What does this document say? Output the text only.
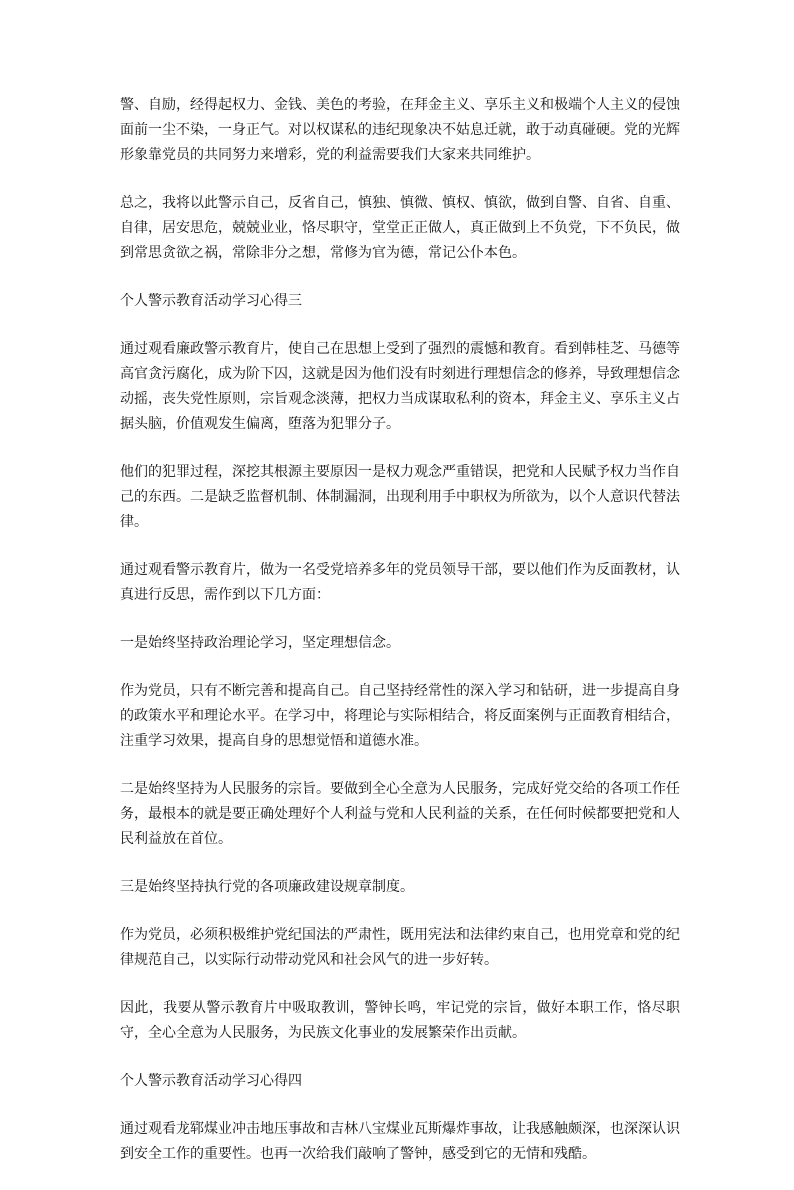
警、自励，经得起权力、金钱、美色的考验，在拜金主义、享乐主义和极端个人主义的侵蚀面前一尘不染，一身正气。对以权谋私的违纪现象决不姑息迁就，敢于动真碰硬。党的光辉形象靠党员的共同努力来增彩，党的利益需要我们大家来共同维护。

总之，我将以此警示自己，反省自己，慎独、慎微、慎权、慎欲，做到自警、自省、自重、自律，居安思危，兢兢业业，恪尽职守，堂堂正正做人，真正做到上不负党，下不负民，做到常思贪欲之祸，常除非分之想，常修为官为德，常记公仆本色。

个人警示教育活动学习心得三

通过观看廉政警示教育片，使自己在思想上受到了强烈的震憾和教育。看到韩桂芝、马德等高官贪污腐化，成为阶下囚，这就是因为他们没有时刻进行理想信念的修养，导致理想信念动摇，丧失党性原则，宗旨观念淡薄，把权力当成谋取私利的资本，拜金主义、享乐主义占据头脑，价值观发生偏离，堕落为犯罪分子。

他们的犯罪过程，深挖其根源主要原因一是权力观念严重错误，把党和人民赋予权力当作自己的东西。二是缺乏监督机制、体制漏洞，出现利用手中职权为所欲为，以个人意识代替法律。

通过观看警示教育片，做为一名受党培养多年的党员领导干部，要以他们作为反面教材，认真进行反思，需作到以下几方面：

一是始终坚持政治理论学习，坚定理想信念。

作为党员，只有不断完善和提高自己。自己坚持经常性的深入学习和钻研，进一步提高自身的政策水平和理论水平。在学习中，将理论与实际相结合，将反面案例与正面教育相结合，注重学习效果，提高自身的思想觉悟和道德水准。

二是始终坚持为人民服务的宗旨。要做到全心全意为人民服务，完成好党交给的各项工作任务，最根本的就是要正确处理好个人利益与党和人民利益的关系，在任何时候都要把党和人民利益放在首位。

三是始终坚持执行党的各项廉政建设规章制度。

作为党员，必须积极维护党纪国法的严肃性，既用宪法和法律约束自己，也用党章和党的纪律规范自己，以实际行动带动党风和社会风气的进一步好转。

因此，我要从警示教育片中吸取教训，警钟长鸣，牢记党的宗旨，做好本职工作，恪尽职守，全心全意为人民服务，为民族文化事业的发展繁荣作出贡献。

个人警示教育活动学习心得四

通过观看龙郓煤业冲击地压事故和吉林八宝煤业瓦斯爆炸事故，让我感触颇深，也深深认识到安全工作的重要性。也再一次给我们敲响了警钟，感受到它的无情和残酷。
